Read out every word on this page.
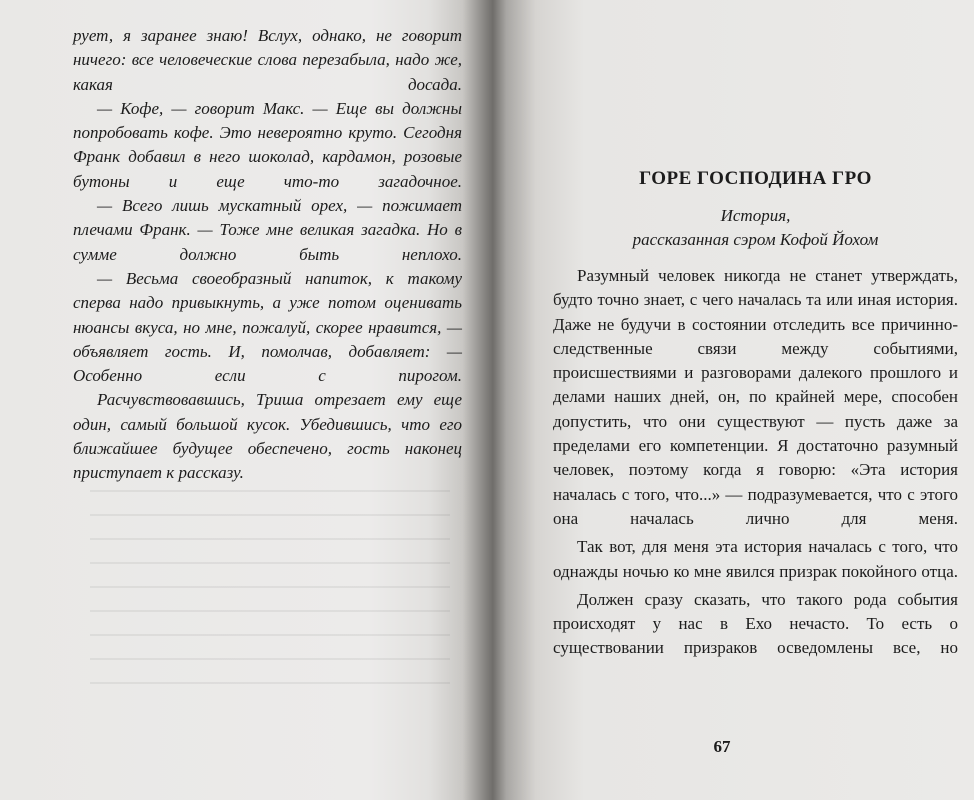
рует, я заранее знаю! Вслух, однако, не говорит ничего: все человеческие слова перезабыла, надо же, какая досада.

— Кофе, — говорит Макс. — Еще вы должны попробовать кофе. Это невероятно круто. Сегодня Франк добавил в него шоколад, кардамон, розовые бутоны и еще что-то загадочное.

— Всего лишь мускатный орех, — пожимает плечами Франк. — Тоже мне великая загадка. Но в сумме должно быть неплохо.

— Весьма своеобразный напиток, к такому сперва надо привыкнуть, а уже потом оценивать нюансы вкуса, но мне, пожалуй, скорее нравится, — объявляет гость. И, помолчав, добавляет: — Особенно если с пирогом.

Расчувствовавшись, Триша отрезает ему еще один, самый большой кусок. Убедившись, что его ближайшее будущее обеспечено, гость наконец приступает к рассказу.

ГОРЕ ГОСПОДИНА ГРО

История,

рассказанная сэром Кофой Йохом

Разумный человек никогда не станет утверждать, будто точно знает, с чего началась та или иная история. Даже не будучи в состоянии отследить все причинно-следственные связи между событиями, происшествиями и разговорами далекого прошлого и делами наших дней, он, по крайней мере, способен допустить, что они существуют — пусть даже за пределами его компетенции. Я достаточно разумный человек, поэтому когда я говорю: «Эта история началась с того, что...» — подразумевается, что с этого она началась лично для меня.

Так вот, для меня эта история началась с того, что однажды ночью ко мне явился призрак покойного отца.

Должен сразу сказать, что такого рода события происходят у нас в Ехо нечасто. То есть о существовании призраков осведомлены все, но

67
